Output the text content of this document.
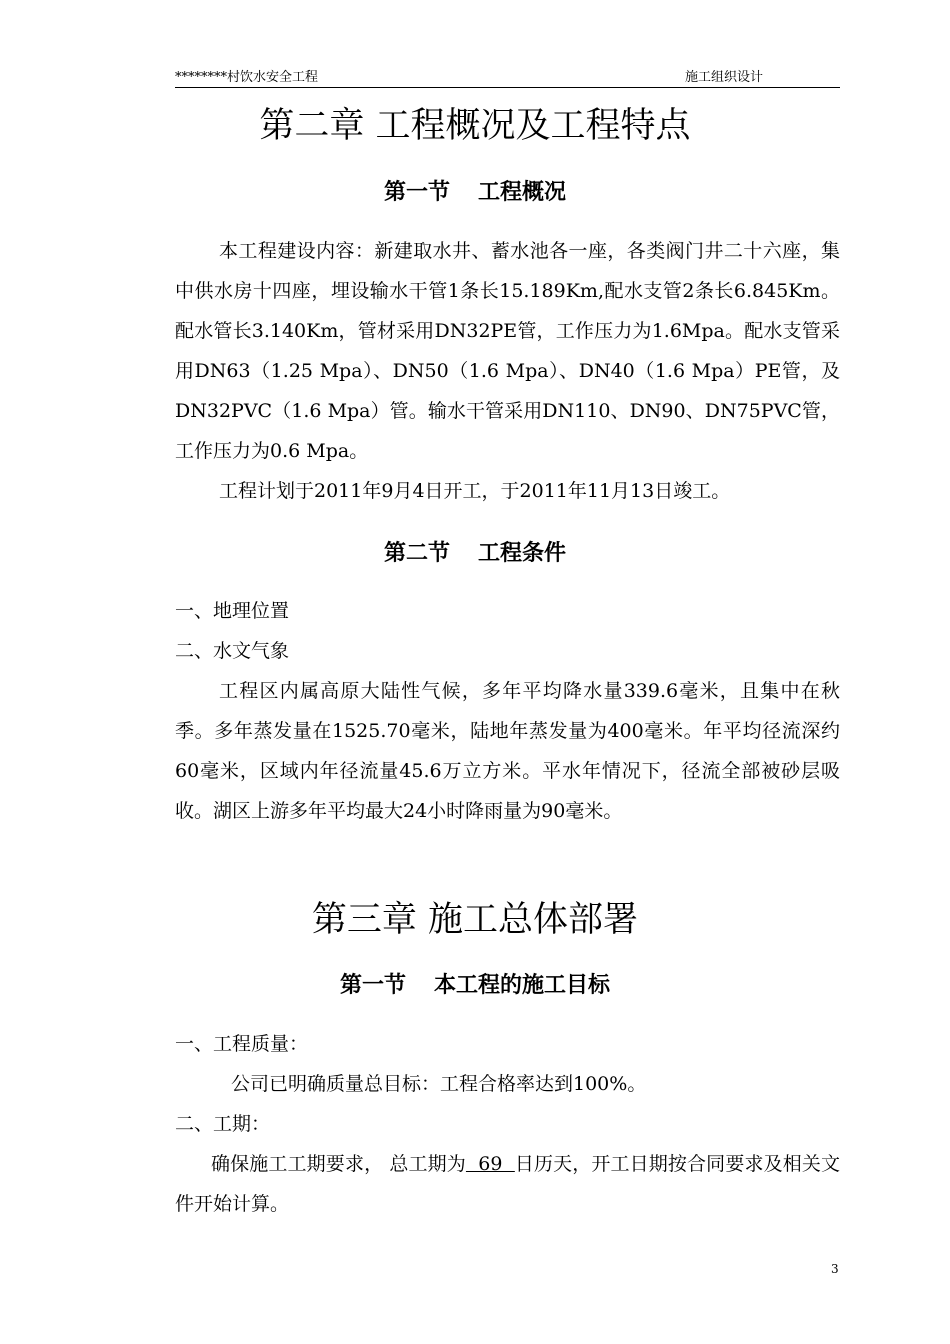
********村饮水安全工程	施工组织设计
第二章 工程概况及工程特点
第一节 工程概况

本工程建设内容：新建取水井、蓄水池各一座，各类阀门井二十六座，集中供水房十四座，埋设输水干管1条长15.189Km,配水支管2条长6.845Km。配水管长3.140Km，管材采用DN32PE管，工作压力为1.6Mpa。配水支管采用DN63（1.25 Mpa）、DN50（1.6 Mpa）、DN40（1.6 Mpa）PE管，及DN32PVC（1.6 Mpa）管。输水干管采用DN110、DN90、DN75PVC管，工作压力为0.6 Mpa。

工程计划于2011年9月4日开工，于2011年11月13日竣工。

第二节 工程条件

一、地理位置

二、水文气象

工程区内属高原大陆性气候，多年平均降水量339.6毫米，且集中在秋季。多年蒸发量在1525.70毫米，陆地年蒸发量为400毫米。年平均径流深约60毫米，区域内年径流量45.6万立方米。平水年情况下，径流全部被砂层吸收。湖区上游多年平均最大24小时降雨量为90毫米。

第三章 施工总体部署
第一节 本工程的施工目标

一、工程质量：

公司已明确质量总目标：工程合格率达到100%。

二、工期：

确保施工工期要求， 总工期为  69  日历天，开工日期按合同要求及相关文件开始计算。

3
